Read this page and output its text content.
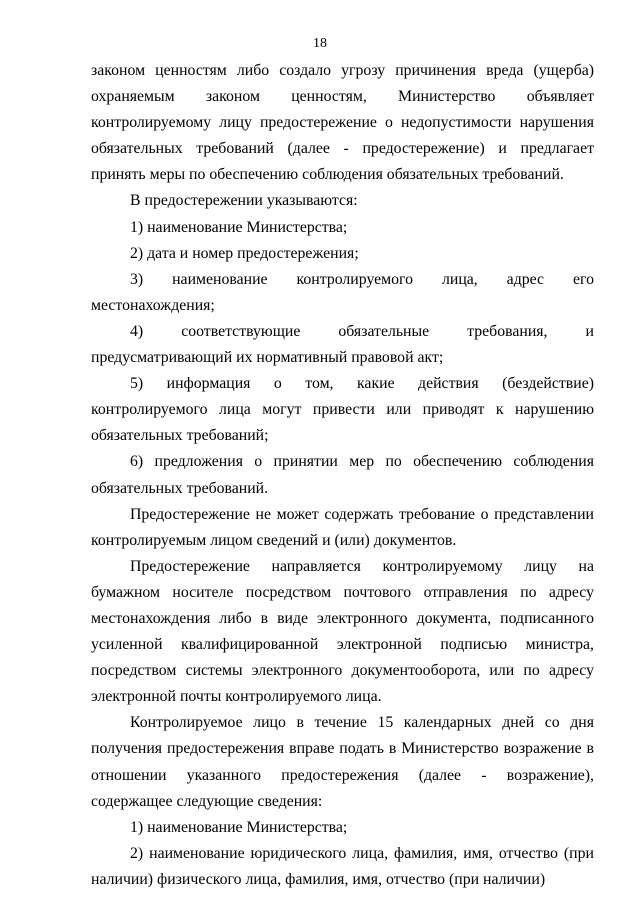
18

законом ценностям либо создало угрозу причинения вреда (ущерба) охраняемым законом ценностям, Министерство объявляет контролируемому лицу предостережение о недопустимости нарушения обязательных требований (далее - предостережение) и предлагает принять меры по обеспечению соблюдения обязательных требований.

В предостережении указываются:

1) наименование Министерства;

2) дата и номер предостережения;

3) наименование контролируемого лица, адрес его местонахождения;

4) соответствующие обязательные требования, и предусматривающий их нормативный правовой акт;

5) информация о том, какие действия (бездействие) контролируемого лица могут привести или приводят к нарушению обязательных требований;

6) предложения о принятии мер по обеспечению соблюдения обязательных требований.

Предостережение не может содержать требование о представлении контролируемым лицом сведений и (или) документов.

Предостережение направляется контролируемому лицу на бумажном носителе посредством почтового отправления по адресу местонахождения либо в виде электронного документа, подписанного усиленной квалифицированной электронной подписью министра, посредством системы электронного документооборота, или по адресу электронной почты контролируемого лица.

Контролируемое лицо в течение 15 календарных дней со дня получения предостережения вправе подать в Министерство возражение в отношении указанного предостережения (далее - возражение), содержащее следующие сведения:

1) наименование Министерства;

2) наименование юридического лица, фамилия, имя, отчество (при наличии) физического лица, фамилия, имя, отчество (при наличии)
